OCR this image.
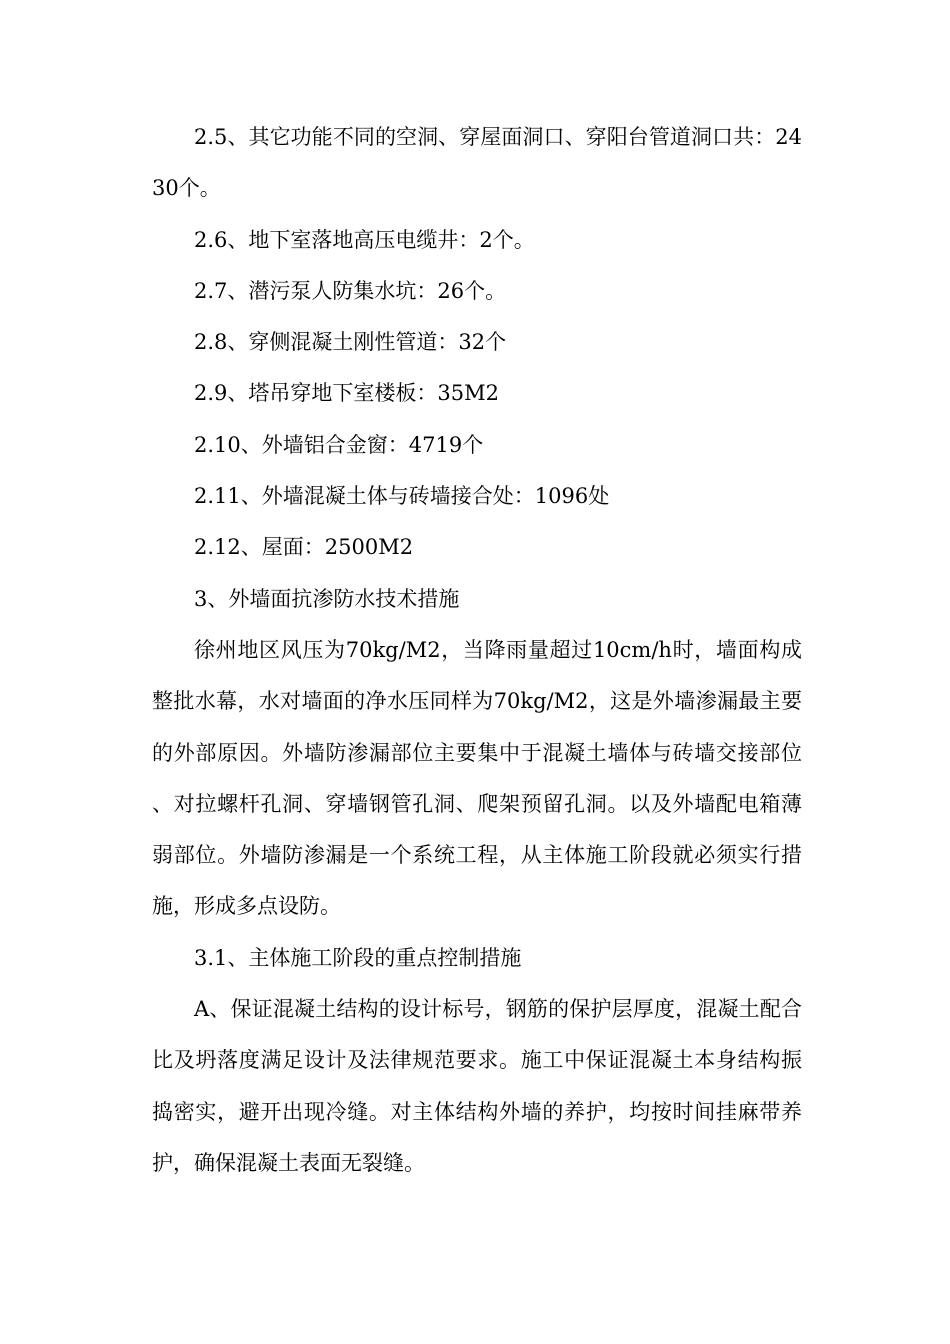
2.5、其它功能不同的空洞、穿屋面洞口、穿阳台管道洞口共：2430个。

2.6、地下室落地高压电缆井：2个。

2.7、潜污泵人防集水坑：26个。

2.8、穿侧混凝土刚性管道：32个

2.9、塔吊穿地下室楼板：35M2

2.10、外墙铝合金窗：4719个

2.11、外墙混凝土体与砖墙接合处：1096处

2.12、屋面：2500M2

3、外墙面抗渗防水技术措施

徐州地区风压为70kg/M2，当降雨量超过10cm/h时，墙面构成整批水幕，水对墙面的净水压同样为70kg/M2，这是外墙渗漏最主要的外部原因。外墙防渗漏部位主要集中于混凝土墙体与砖墙交接部位、对拉螺杆孔洞、穿墙钢管孔洞、爬架预留孔洞。以及外墙配电箱薄弱部位。外墙防渗漏是一个系统工程，从主体施工阶段就必须实行措施，形成多点设防。

3.1、主体施工阶段的重点控制措施

A、保证混凝土结构的设计标号，钢筋的保护层厚度，混凝土配合比及坍落度满足设计及法律规范要求。施工中保证混凝土本身结构振捣密实，避开出现冷缝。对主体结构外墙的养护，均按时间挂麻带养护，确保混凝土表面无裂缝。
